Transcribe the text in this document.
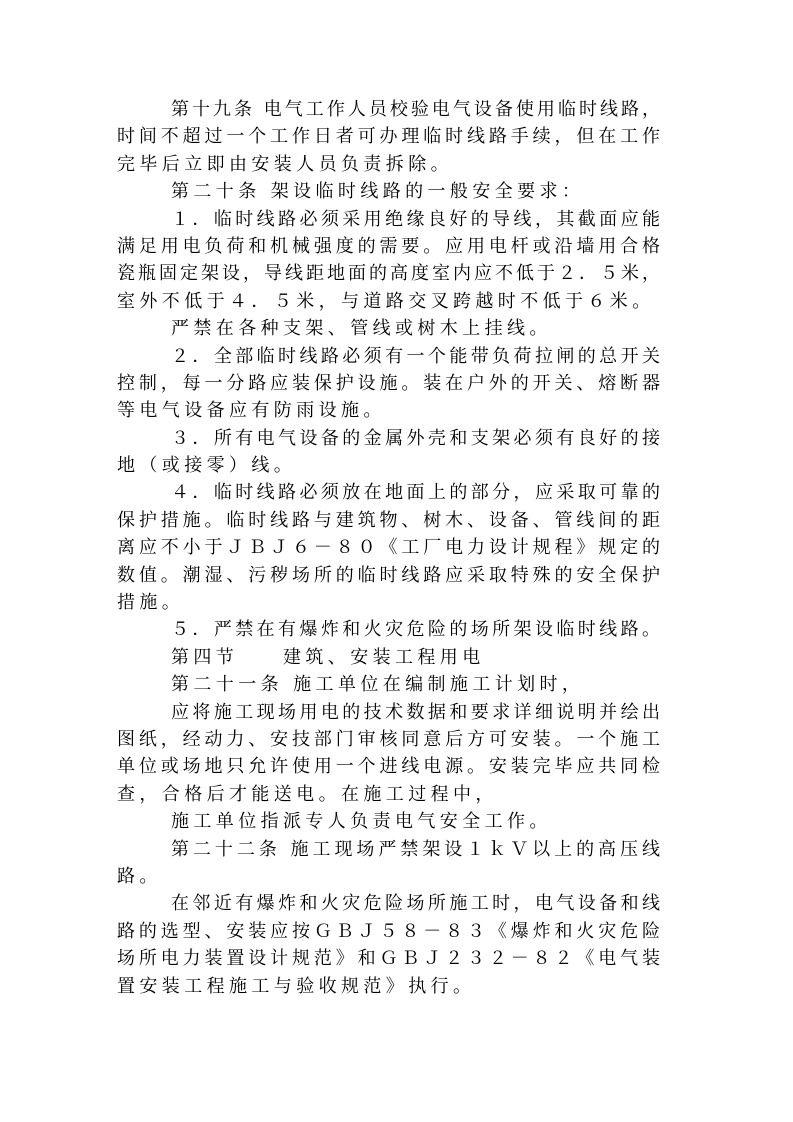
第十九条 电气工作人员校验电气设备使用临时线路，
时间不超过一个工作日者可办理临时线路手续，但在工作
完毕后立即由安装人员负责拆除。
第二十条 架设临时线路的一般安全要求：
１．临时线路必须采用绝缘良好的导线，其截面应能
满足用电负荷和机械强度的需要。应用电杆或沿墙用合格
瓷瓶固定架设，导线距地面的高度室内应不低于２．５米，
室外不低于４．５米，与道路交叉跨越时不低于６米。
严禁在各种支架、管线或树木上挂线。
２．全部临时线路必须有一个能带负荷拉闸的总开关
控制，每一分路应装保护设施。装在户外的开关、熔断器
等电气设备应有防雨设施。
３．所有电气设备的金属外壳和支架必须有良好的接
地（或接零）线。
４．临时线路必须放在地面上的部分，应采取可靠的
保护措施。临时线路与建筑物、树木、设备、管线间的距
离应不小于ＪＢＪ６－８０《工厂电力设计规程》规定的
数值。潮湿、污秽场所的临时线路应采取特殊的安全保护
措施。
５．严禁在有爆炸和火灾危险的场所架设临时线路。
第四节　　建筑、安装工程用电
第二十一条 施工单位在编制施工计划时，
应将施工现场用电的技术数据和要求详细说明并绘出
图纸，经动力、安技部门审核同意后方可安装。一个施工
单位或场地只允许使用一个进线电源。安装完毕应共同检
查，合格后才能送电。在施工过程中，
施工单位指派专人负责电气安全工作。
第二十二条 施工现场严禁架设１ｋＶ以上的高压线
路。
在邻近有爆炸和火灾危险场所施工时，电气设备和线
路的选型、安装应按ＧＢＪ５８－８３《爆炸和火灾危险
场所电力装置设计规范》和ＧＢＪ２３２－８２《电气装
置安装工程施工与验收规范》执行。
